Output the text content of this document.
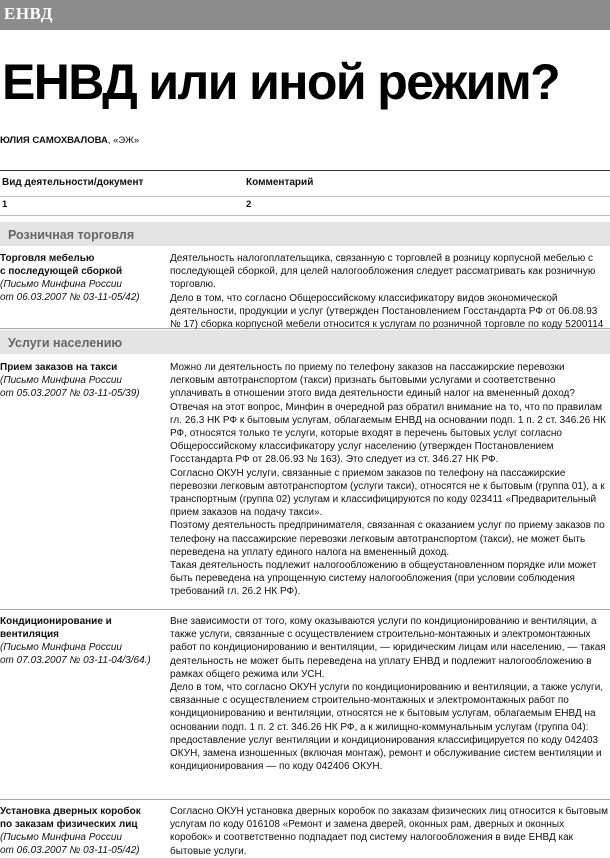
ЕНВД
ЕНВД или иной режим?
ЮЛИЯ САМОХВАЛОВА, «ЭЖ»
Вид деятельности/документ	Комментарий
1	2
Розничная торговля
Торговля мебелью
с последующей сборкой
(Письмо Минфина России
от 06.03.2007 № 03-11-05/42)

Деятельность налогоплательщика, связанную с торговлей в розницу корпусной мебелью с последующей сборкой, для целей налогообложения следует рассматривать как розничную торговлю.

Дело в том, что согласно Общероссийскому классификатору видов экономической деятельности, продукции и услуг (утвержден Постановлением Госстандарта РФ от 06.08.93 № 17) сборка корпусной мебели относится к услугам по розничной торговле по коду 5200114

Услуги населению
Прием заказов на такси
(Письмо Минфина России
от 05.03.2007 № 03-11-05/39)

Можно ли деятельность по приему по телефону заказов на пассажирские перевозки легковым автотранспортом (такси) признать бытовыми услугами и соответственно уплачивать в отношении этого вида деятельности единый налог на вмененный доход?

Отвечая на этот вопрос, Минфин в очередной раз обратил внимание на то, что по правилам гл. 26.3 НК РФ к бытовым услугам, облагаемым ЕНВД на основании подп. 1 п. 2 ст. 346.26 НК РФ, относятся только те услуги, которые входят в перечень бытовых услуг согласно Общероссийскому классификатору услуг населению (утвержден Постановлением Госстандарта РФ от 28.06.93 № 163). Это следует из ст. 346.27 НК РФ.

Согласно ОКУН услуги, связанные с приемом заказов по телефону на пассажирские перевозки легковым автотранспортом (услуги такси), относятся не к бытовым (группа 01), а к транспортным (группа 02) услугам и классифицируются по коду 023411 «Предварительный прием заказов на подачу такси».

Поэтому деятельность предпринимателя, связанная с оказанием услуг по приему заказов по телефону на пассажирские перевозки легковым автотранспортом (такси), не может быть переведена на уплату единого налога на вмененный доход.

Такая деятельность подлежит налогообложению в общеустановленном порядке или может быть переведена на упрощенную систему налогообложения (при условии соблюдения требований гл. 26.2 НК РФ).

Кондиционирование и вентиляция
(Письмо Минфина России
от 07.03.2007 № 03-11-04/3/64.)

Вне зависимости от того, кому оказываются услуги по кондиционированию и вентиляции, а также услуги, связанные с осуществлением строительно-монтажных и электромонтажных работ по кондиционированию и вентиляции, — юридическим лицам или населению, — такая деятельность не может быть переведена на уплату ЕНВД и подлежит налогообложению в рамках общего режима или УСН.

Дело в том, что согласно ОКУН услуги по кондиционированию и вентиляции, а также услуги, связанные с осуществлением строительно-монтажных и электромонтажных работ по кондиционированию и вентиляции, относятся не к бытовым услугам, облагаемым ЕНВД на основании подп. 1 п. 2 ст. 346.26 НК РФ, а к жилищно-коммунальным услугам (группа 04): предоставление услуг вентиляции и кондиционирования классифицируется по коду 042403 ОКУН, замена изношенных (включая монтаж), ремонт и обслуживание систем вентиляции и кондиционирования — по коду 042406 ОКУН.

Установка дверных коробок
по заказам физических лиц
(Письмо Минфина России
от 06.03.2007 № 03-11-05/42)

Согласно ОКУН установка дверных коробок по заказам физических лиц относится к бытовым услугам по коду 016108 «Ремонт и замена дверей, оконных рам, дверных и оконных коробок» и соответственно подпадает под систему налогообложения в виде ЕНВД как бытовые услуги.
